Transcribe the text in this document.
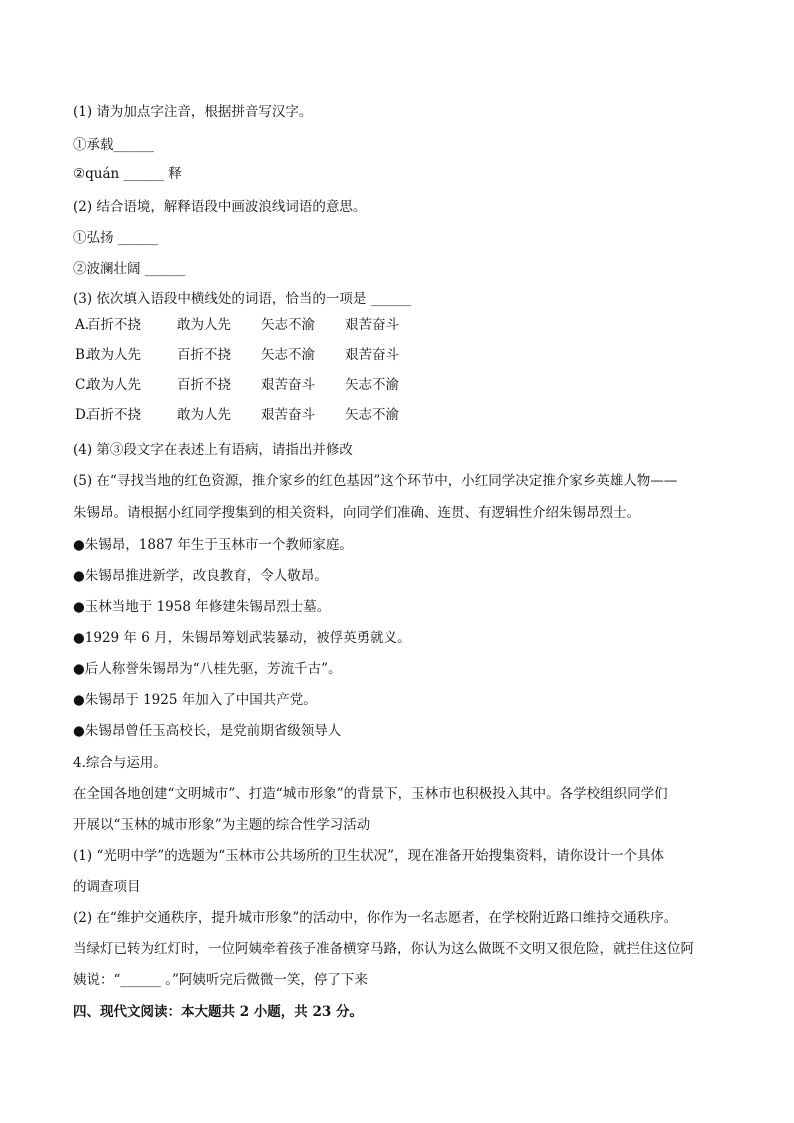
(1) 请为加点字注音，根据拼音写汉字。
①承载______
②quán ______ 释
(2) 结合语境，解释语段中画波浪线词语的意思。
①弘扬 ______
②波澜壮阔 ______
(3) 依次填入语段中横线处的词语，恰当的一项是 ______
A.百折不挠	敢为人先 矢志不渝 艰苦奋斗
B.敢为人先	百折不挠 矢志不渝 艰苦奋斗
C.敢为人先	百折不挠 艰苦奋斗 矢志不渝
D.百折不挠	敢为人先 艰苦奋斗 矢志不渝
(4) 第③段文字在表述上有语病，请指出并修改
(5) 在“寻找当地的红色资源，推介家乡的红色基因”这个环节中，小红同学决定推介家乡英雄人物——
朱锡昂。请根据小红同学搜集到的相关资料，向同学们准确、连贯、有逻辑性介绍朱锡昂烈士。
●朱锡昂，1887 年生于玉林市一个教师家庭。
●朱锡昂推进新学，改良教育，令人敬昂。
●玉林当地于 1958 年修建朱锡昂烈士墓。
●1929 年 6 月，朱锡昂筹划武装暴动，被俘英勇就义。
●后人称誉朱锡昂为“八桂先驱，芳流千古”。
●朱锡昂于 1925 年加入了中国共产党。
●朱锡昂曾任玉高校长，是党前期省级领导人
4.综合与运用。
在全国各地创建“文明城市”、打造“城市形象”的背景下，玉林市也积极投入其中。各学校组织同学们
开展以“玉林的城市形象”为主题的综合性学习活动
(1) “光明中学”的选题为“玉林市公共场所的卫生状况”，现在准备开始搜集资料，请你设计一个具体
的调查项目
(2) 在“维护交通秩序，提升城市形象”的活动中，你作为一名志愿者，在学校附近路口维持交通秩序。
当绿灯已转为红灯时，一位阿姨牵着孩子准备横穿马路，你认为这么做既不文明又很危险，就拦住这位阿
姨说：“______ 。”阿姨听完后微微一笑，停了下来
四、现代文阅读：本大题共 2 小题，共 23 分。
